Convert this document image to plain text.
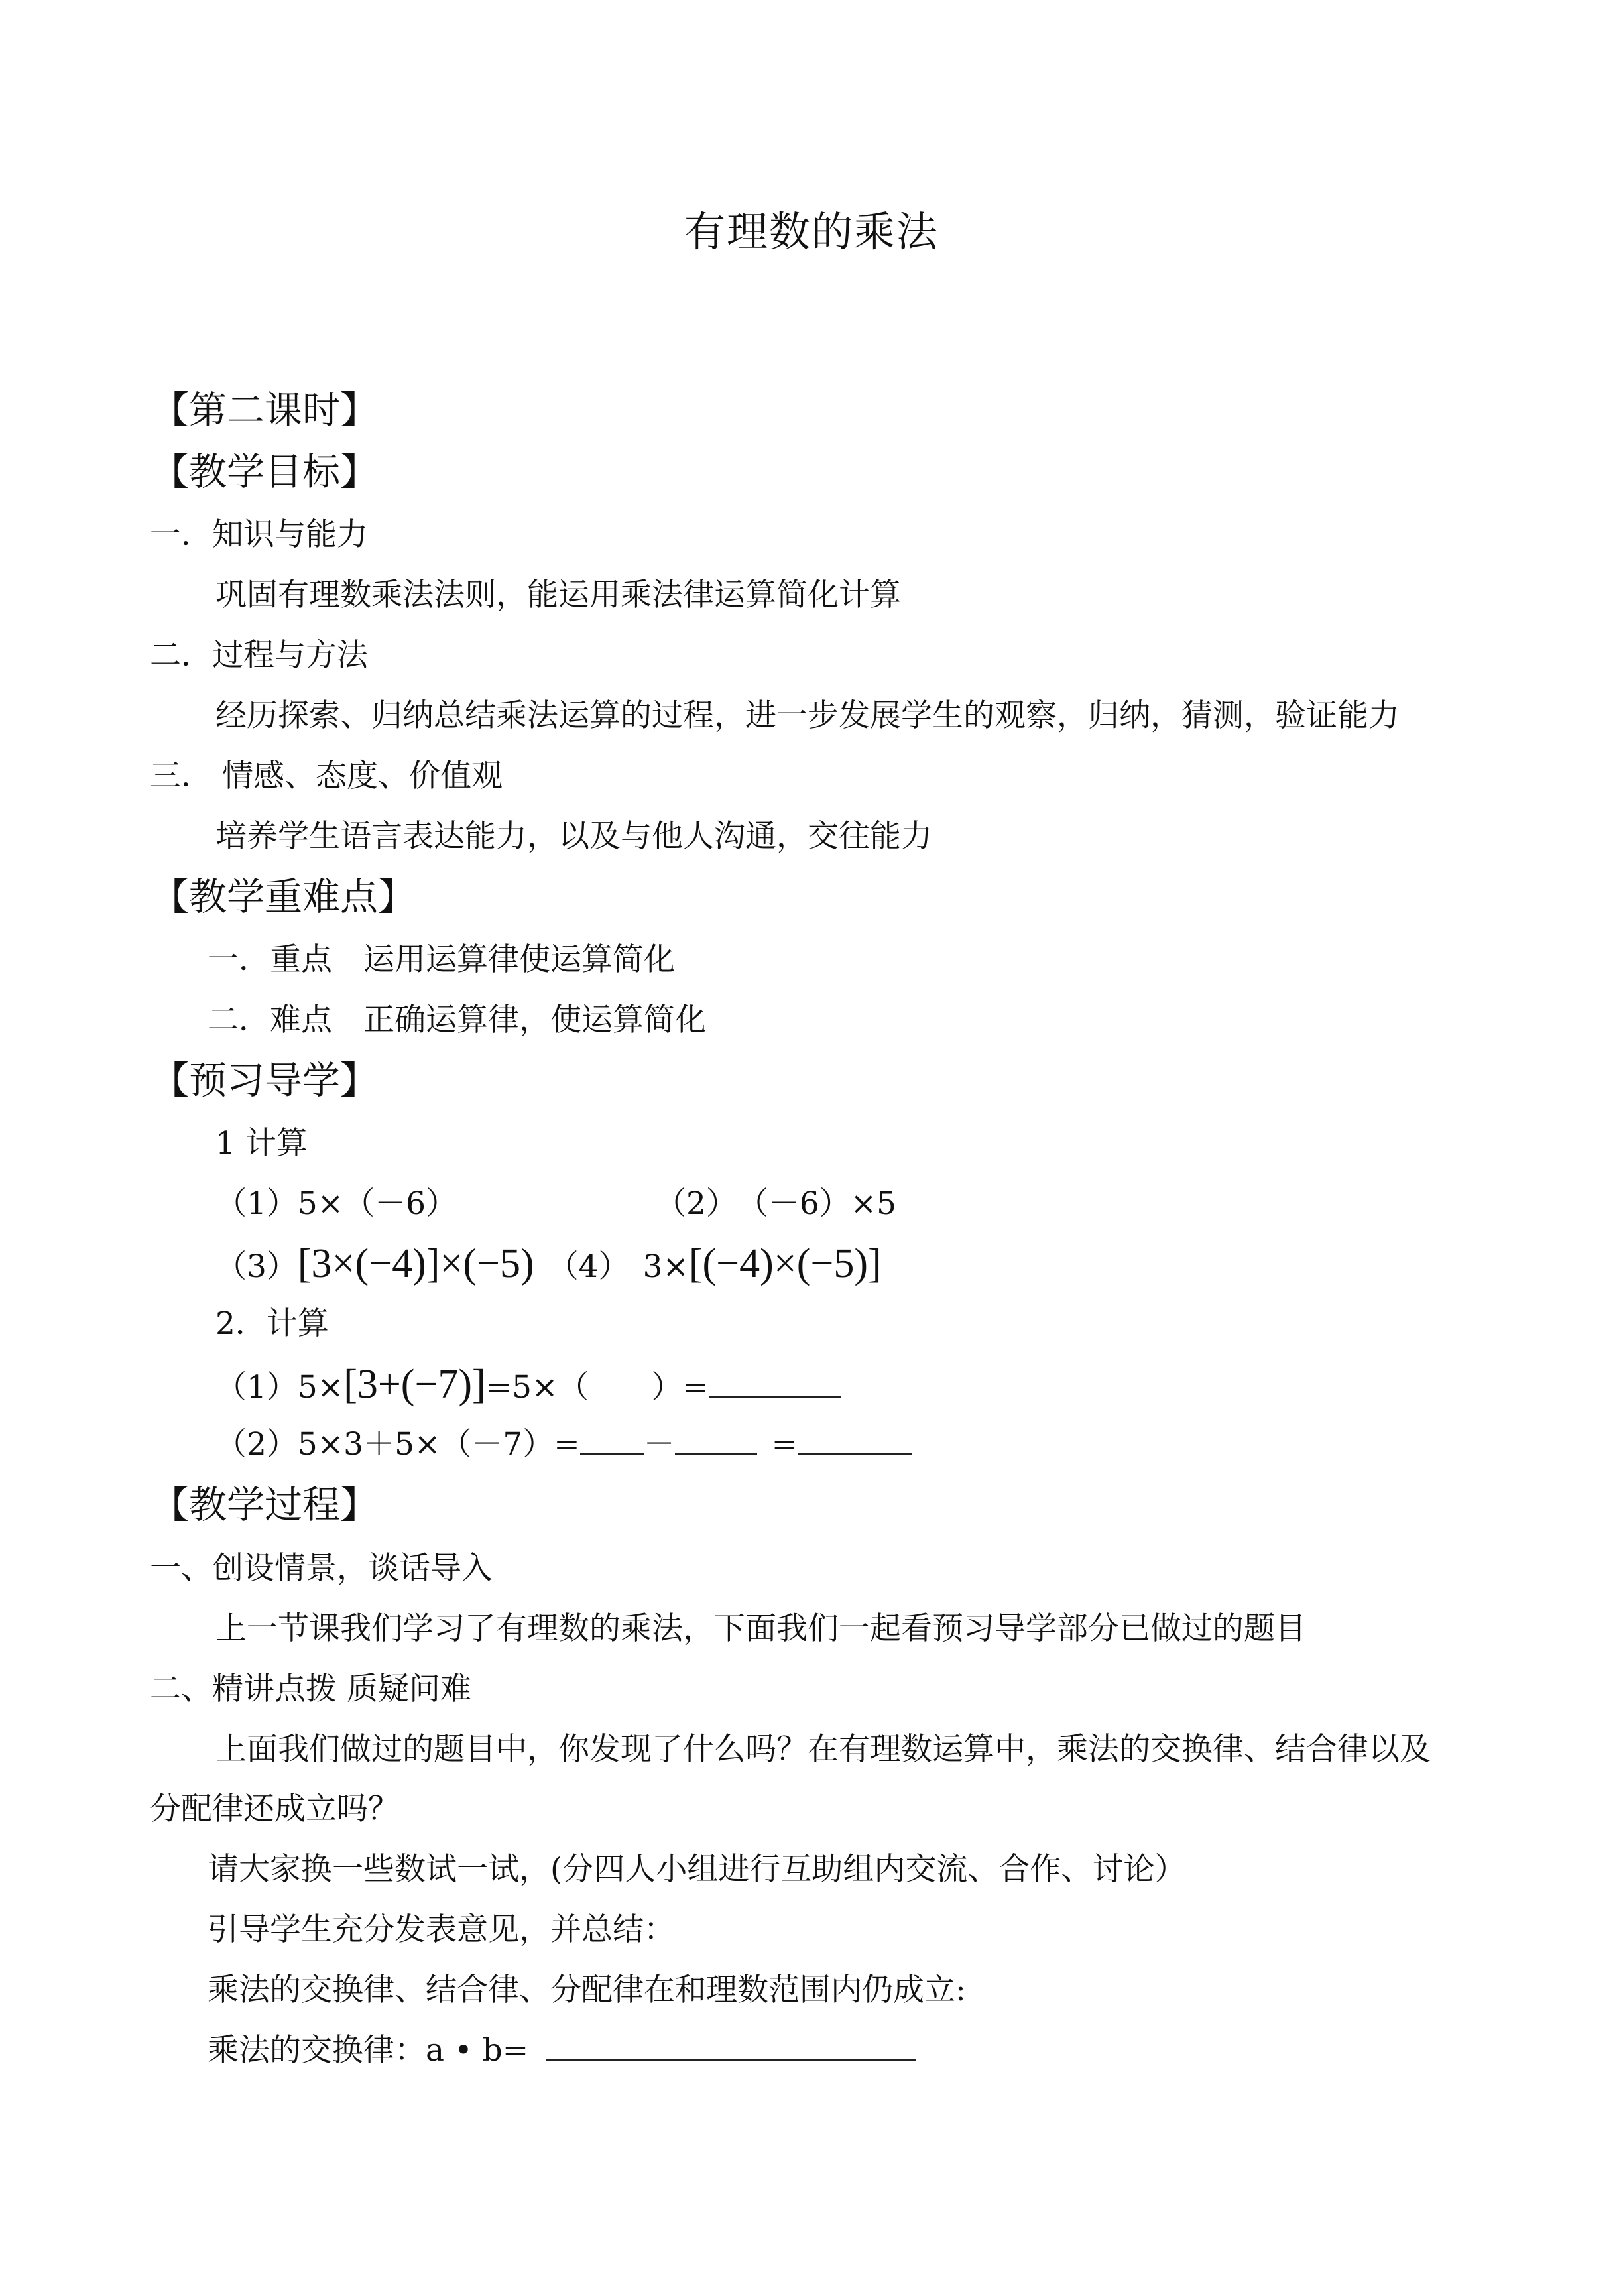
有理数的乘法
【第二课时】
【教学目标】
一．知识与能力
巩固有理数乘法法则，能运用乘法律运算简化计算
二．过程与方法
经历探索、归纳总结乘法运算的过程，进一步发展学生的观察，归纳，猜测，验证能力
三． 情感、态度、价值观
培养学生语言表达能力，以及与他人沟通，交往能力
【教学重难点】
一．重点　运用运算律使运算简化
二．难点　正确运算律，使运算简化
【预习导学】
1 计算
（1）5×（－6）	（2）　（－6）×5
（3）[3×(−4)]×(−5) （4） 3×[(−4)×(−5)]
2．计算
（1）5×[3+(−7)]=5×（　　）=
（2）5×3＋5×（－7）= －	=
【教学过程】
一、创设情景，谈话导入
上一节课我们学习了有理数的乘法，下面我们一起看预习导学部分已做过的题目
二、精讲点拨 质疑问难
上面我们做过的题目中，你发现了什么吗？在有理数运算中，乘法的交换律、结合律以及
分配律还成立吗？
请大家换一些数试一试，(分四人小组进行互助组内交流、合作、讨论）
引导学生充分发表意见，并总结：
乘法的交换律、结合律、分配律在和理数范围内仍成立:
乘法的交换律：a • b=
